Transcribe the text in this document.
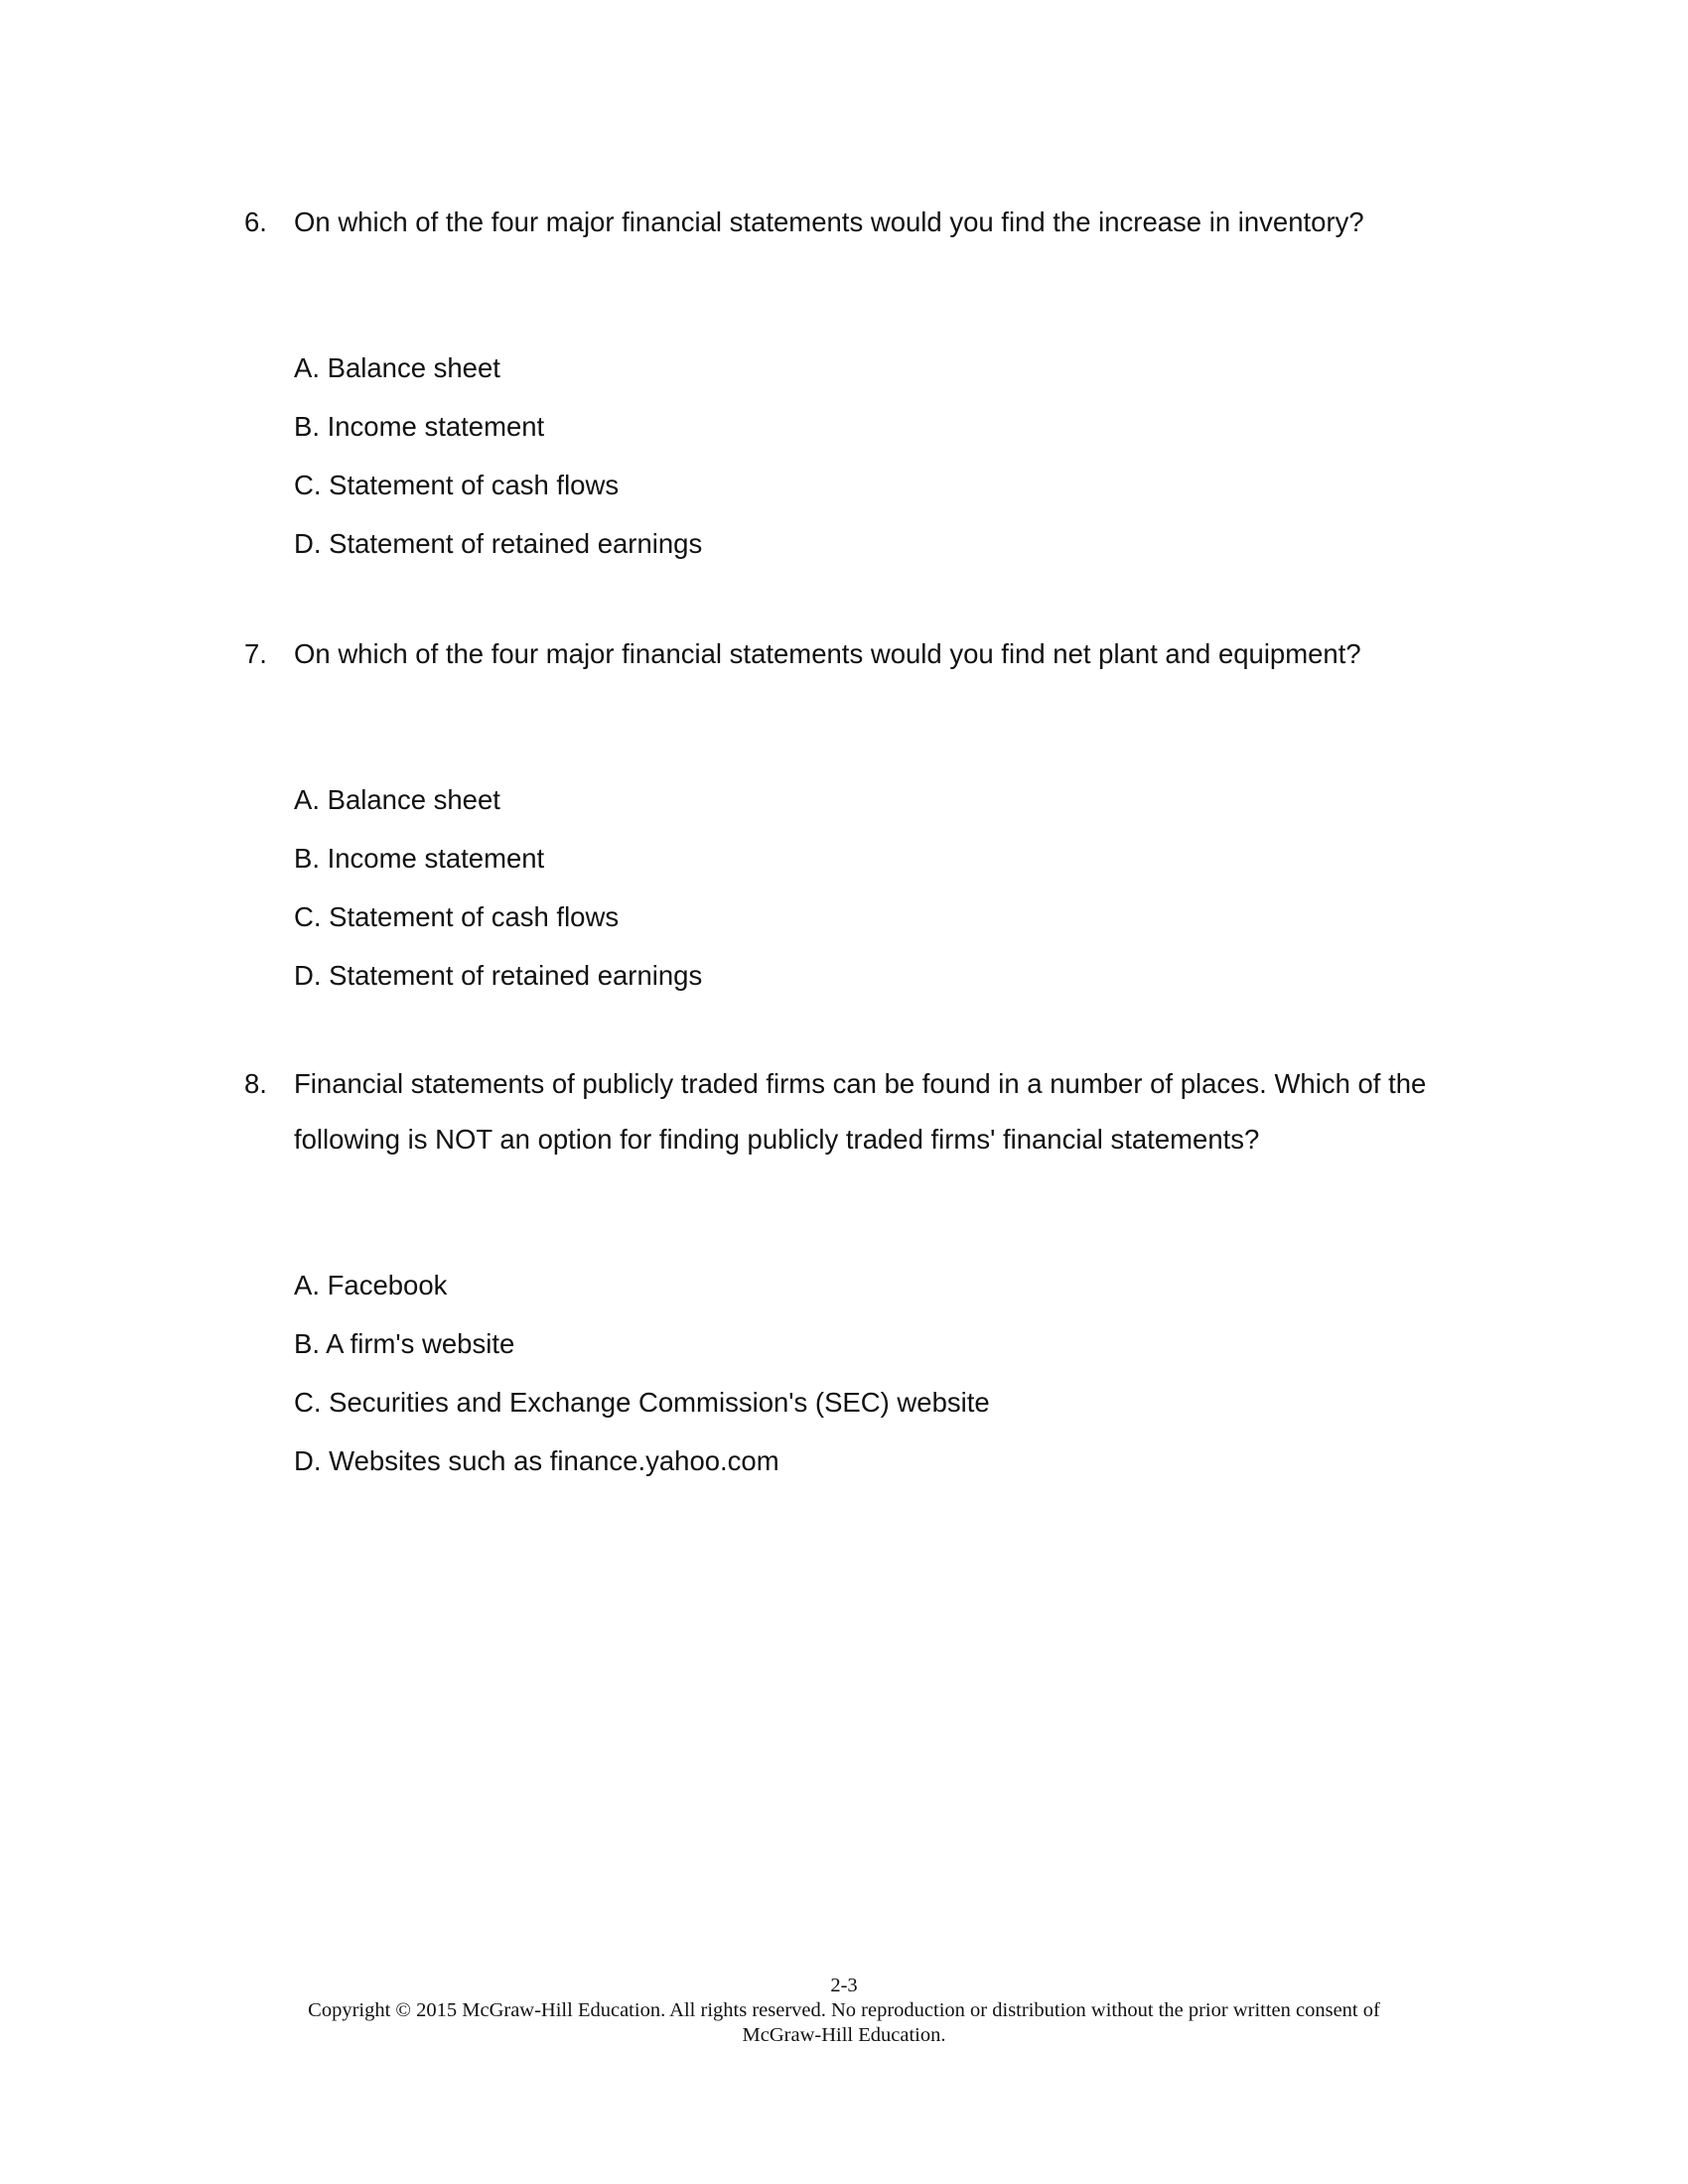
6. On which of the four major financial statements would you find the increase in inventory?
A. Balance sheet
B. Income statement
C. Statement of cash flows
D. Statement of retained earnings
7. On which of the four major financial statements would you find net plant and equipment?
A. Balance sheet
B. Income statement
C. Statement of cash flows
D. Statement of retained earnings
8. Financial statements of publicly traded firms can be found in a number of places. Which of the following is NOT an option for finding publicly traded firms' financial statements?
A. Facebook
B. A firm's website
C. Securities and Exchange Commission's (SEC) website
D. Websites such as finance.yahoo.com
2-3
Copyright © 2015 McGraw-Hill Education. All rights reserved. No reproduction or distribution without the prior written consent of McGraw-Hill Education.
